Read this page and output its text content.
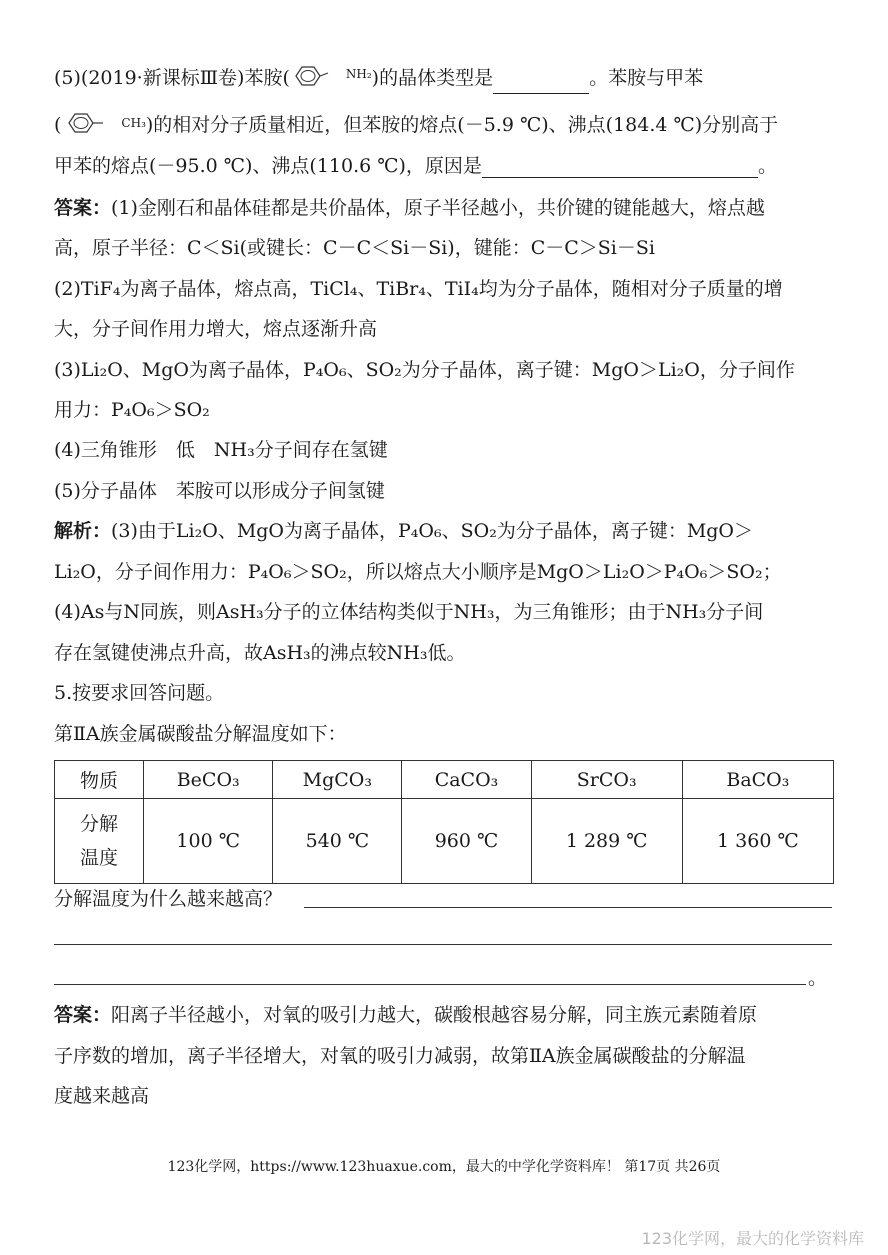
(5)(2019·新课标Ⅲ卷)苯胺(	$^{NH_2}$)的晶体类型是	。苯胺与甲苯
(	$^{CH_3}$)的相对分子质量相近，但苯胺的熔点(－5.9 ℃)、沸点(184.4 ℃)分别高于
甲苯的熔点(－95.0 ℃)、沸点(110.6 ℃)，原因是	。
答案：(1)金刚石和晶体硅都是共价晶体，原子半径越小，共价键的键能越大，熔点越
高，原子半径：C＜Si(或键长：C－C＜Si－Si)，键能：C－C＞Si－Si
(2)TiF₄为离子晶体，熔点高，TiCl₄、TiBr₄、TiI₄均为分子晶体，随相对分子质量的增
大，分子间作用力增大，熔点逐渐升高
(3)Li₂O、MgO为离子晶体，P₄O₆、SO₂为分子晶体，离子键：MgO＞Li₂O，分子间作
用力：P₄O₆＞SO₂
(4)三角锥形　低　NH₃分子间存在氢键
(5)分子晶体　苯胺可以形成分子间氢键
解析：(3)由于Li₂O、MgO为离子晶体，P₄O₆、SO₂为分子晶体，离子键：MgO＞
Li₂O，分子间作用力：P₄O₆＞SO₂，所以熔点大小顺序是MgO＞Li₂O＞P₄O₆＞SO₂；
(4)As与N同族，则AsH₃分子的立体结构类似于NH₃，为三角锥形；由于NH₃分子间
存在氢键使沸点升高，故AsH₃的沸点较NH₃低。
5.按要求回答问题。
第ⅡA族金属碳酸盐分解温度如下：
物质	BeCO₃	MgCO₃	CaCO₃	SrCO₃	BaCO₃

分解
温度	100 ℃	540 ℃	960 ℃	1 289 ℃	1 360 ℃
分解温度为什么越来越高？
。
答案：阳离子半径越小，对氧的吸引力越大，碳酸根越容易分解，同主族元素随着原
子序数的增加，离子半径增大，对氧的吸引力减弱，故第ⅡA族金属碳酸盐的分解温
度越来越高
123化学网，https://www.123huaxue.com，最大的中学化学资料库！ 第17页 共26页
123化学网，最大的化学资料库
